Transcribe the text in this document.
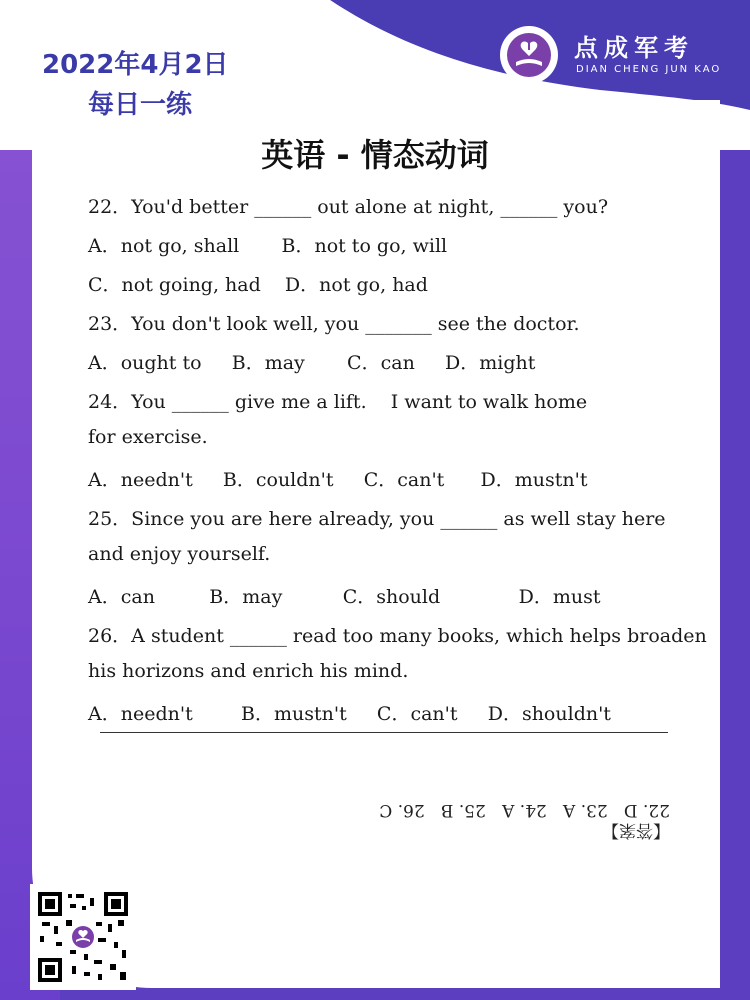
2022年4月2日
每日一练
点成军考
DIAN CHENG JUN KAO
英语 - 情态动词
22．You'd better ______ out alone at night, ______ you?
A．not go, shall       B．not to go, will
C．not going, had    D．not go, had
23．You don't look well, you _______ see the doctor.
A．ought to     B．may       C．can     D．might
24．You ______ give me a lift.    I want to walk home
for exercise.
A．needn't     B．couldn't     C．can't      D．mustn't
25．Since you are here already, you ______ as well stay here
and enjoy yourself.
A．can         B．may          C．should             D．must
26．A student ______ read too many books, which helps broaden
his horizons and enrich his mind.
A．needn't        B．mustn't     C．can't     D．shouldn't
【答案】
22. D   23. A   24. A   25. B   26. C
